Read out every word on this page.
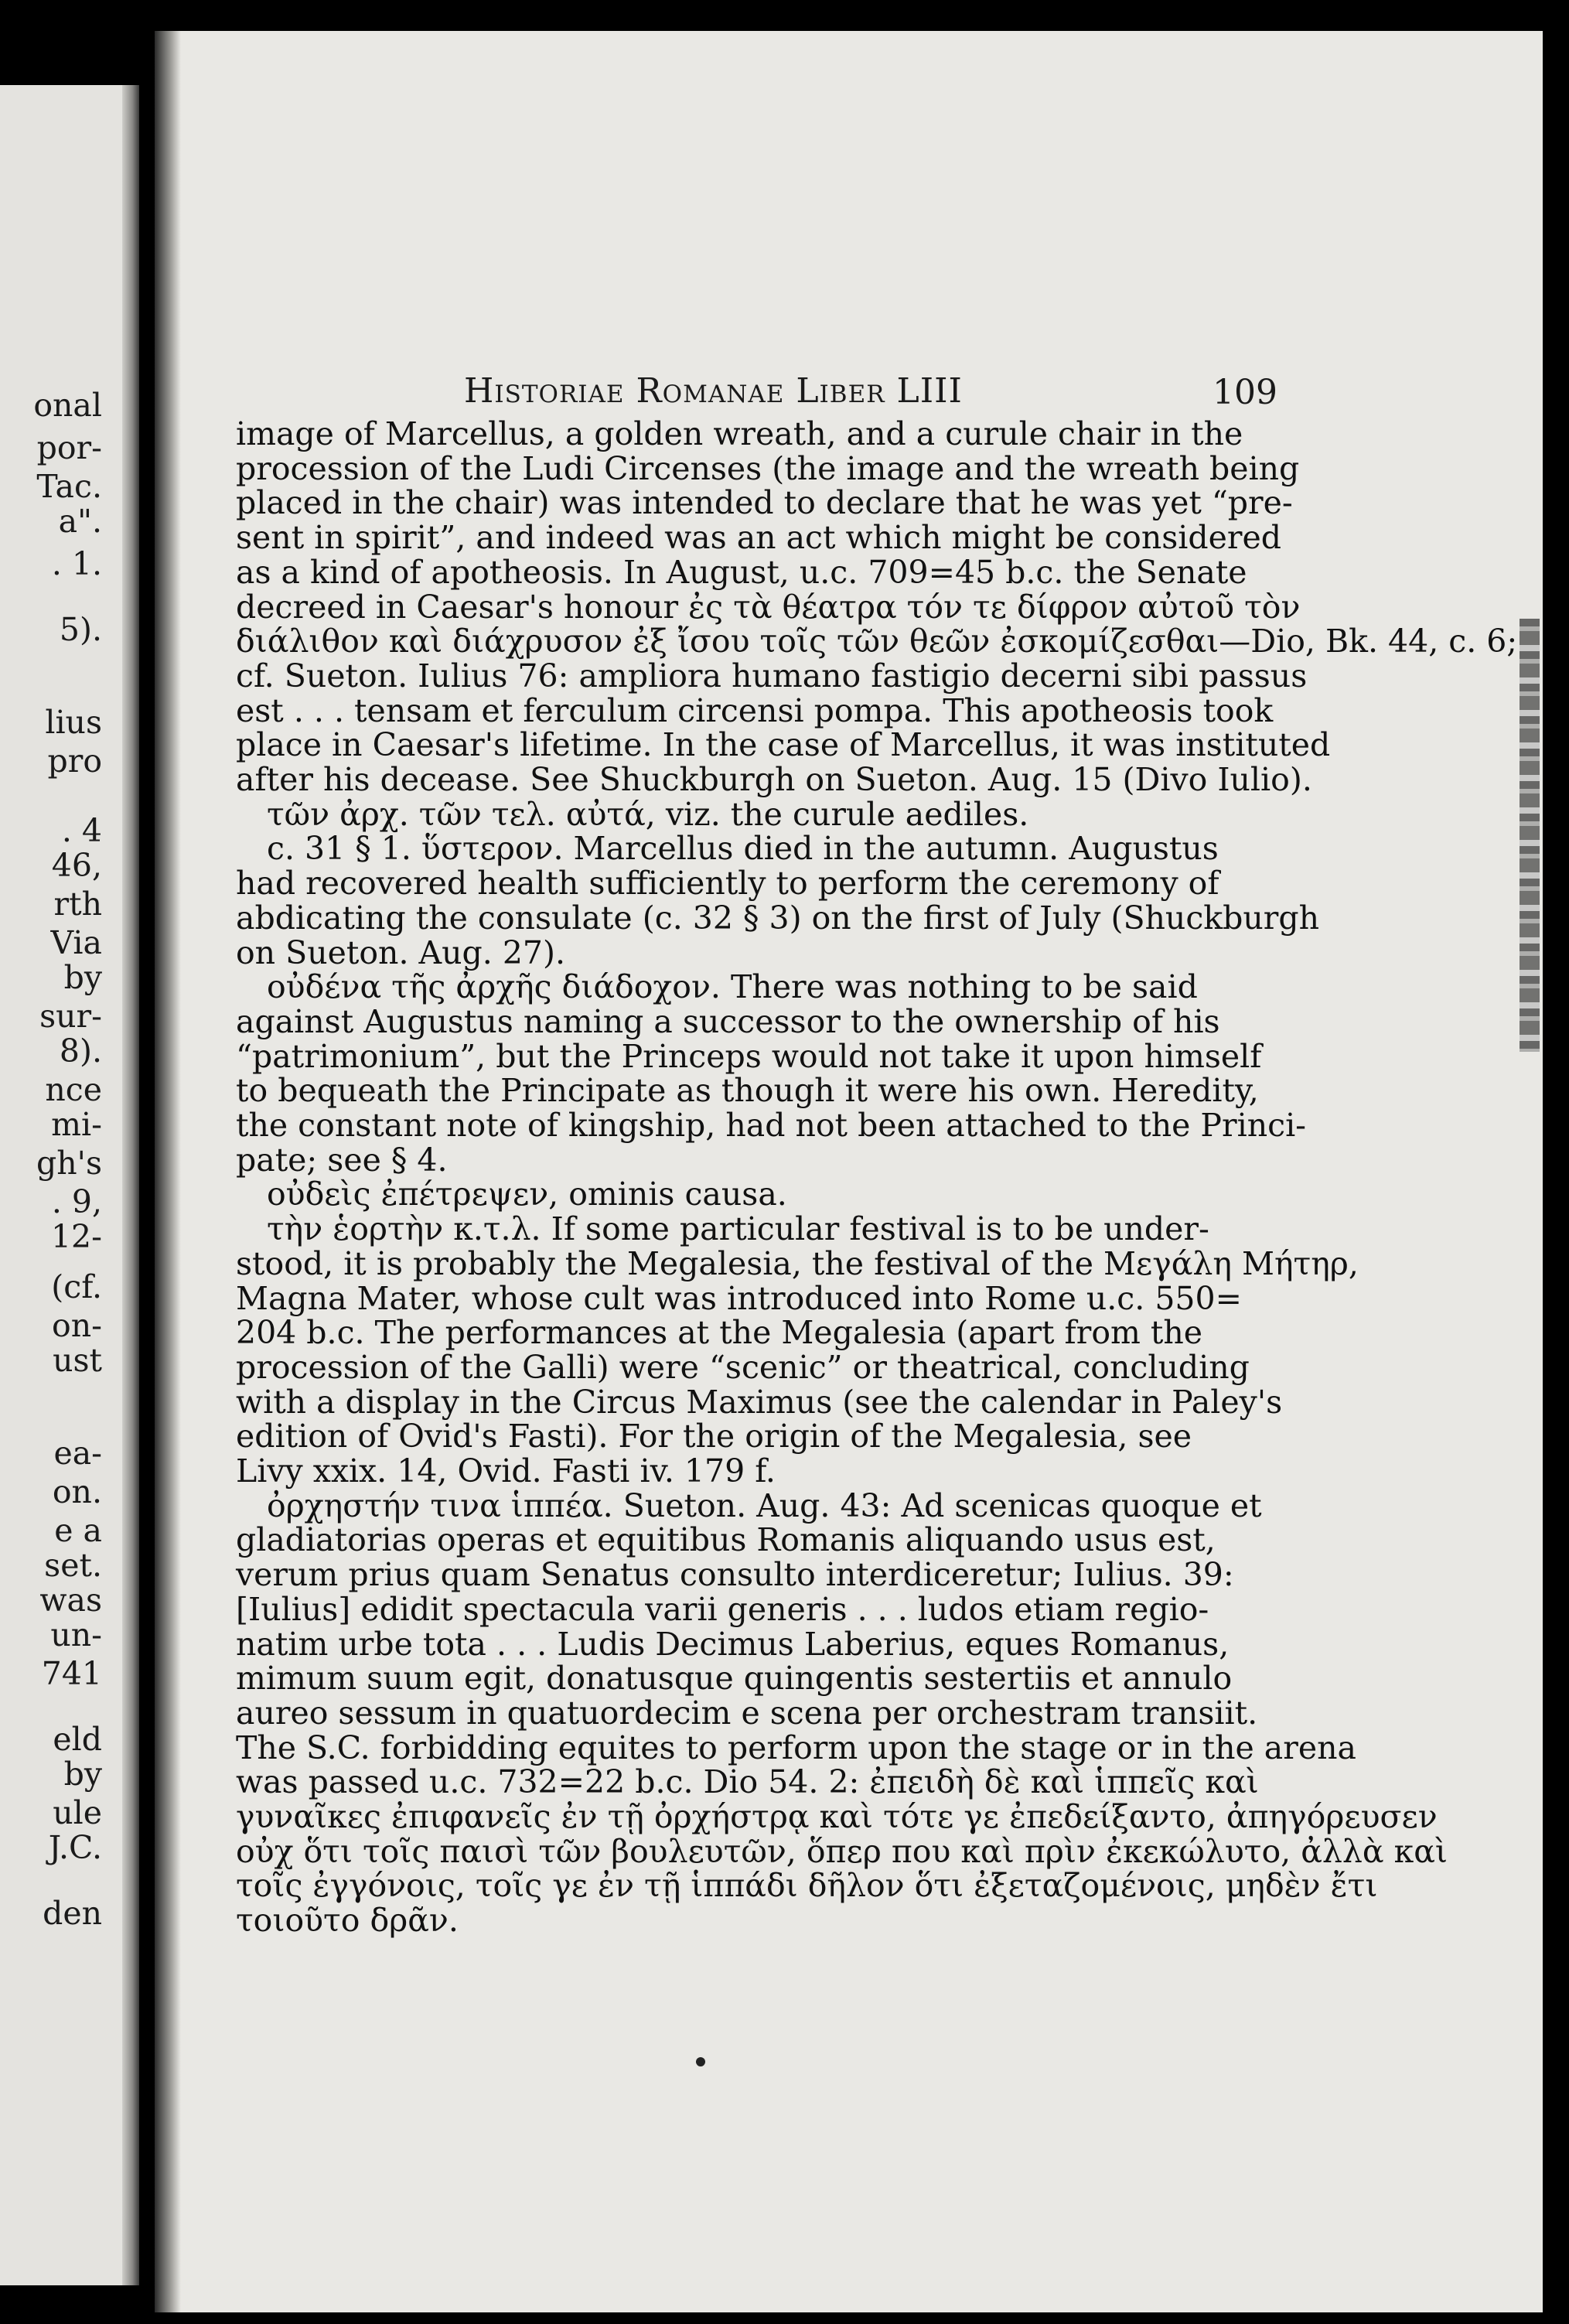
onal

por-

Tac.

a".

. 1.

5).

lius

pro

. 4

46,

rth

Via

by

sur-

8).

nce

mi-

gh's

. 9,

12-

(cf.

on-

ust

ea-

on.

e a

set.

was

un-

741

eld

by

ule

J.C.

den

Historiae Romanae Liber LIII	109

image of Marcellus, a golden wreath, and a curule chair in the

procession of the Ludi Circenses (the image and the wreath being

placed in the chair) was intended to declare that he was yet “pre-

sent in spirit”, and indeed was an act which might be considered

as a kind of apotheosis. In August, u.c. 709=45 b.c. the Senate

decreed in Caesar's honour ἐς τὰ θέατρα τόν τε δίφρον αὐτοῦ τὸν

διάλιθον καὶ διάχρυσον ἐξ ἴσου τοῖς τῶν θεῶν ἐσκομίζεσθαι—Dio, Bk. 44, c. 6;

cf. Sueton. Iulius 76: ampliora humano fastigio decerni sibi passus

est . . . tensam et ferculum circensi pompa. This apotheosis took

place in Caesar's lifetime. In the case of Marcellus, it was instituted

after his decease. See Shuckburgh on Sueton. Aug. 15 (Divo Iulio).

τῶν ἀρχ. τῶν τελ. αὐτά, viz. the curule aediles.

c. 31 § 1. ὕστερον. Marcellus died in the autumn. Augustus

had recovered health sufficiently to perform the ceremony of

abdicating the consulate (c. 32 § 3) on the first of July (Shuckburgh

on Sueton. Aug. 27).

οὐδένα τῆς ἀρχῆς διάδοχον. There was nothing to be said

against Augustus naming a successor to the ownership of his

“patrimonium”, but the Princeps would not take it upon himself

to bequeath the Principate as though it were his own. Heredity,

the constant note of kingship, had not been attached to the Princi-

pate; see § 4.

οὐδεὶς ἐπέτρεψεν, ominis causa.

τὴν ἑορτὴν κ.τ.λ. If some particular festival is to be under-

stood, it is probably the Megalesia, the festival of the Μεγάλη Μήτηρ,

Magna Mater, whose cult was introduced into Rome u.c. 550=

204 b.c. The performances at the Megalesia (apart from the

procession of the Galli) were “scenic” or theatrical, concluding

with a display in the Circus Maximus (see the calendar in Paley's

edition of Ovid's Fasti). For the origin of the Megalesia, see

Livy xxix. 14, Ovid. Fasti iv. 179 f.

ὀρχηστήν τινα ἱππέα. Sueton. Aug. 43: Ad scenicas quoque et

gladiatorias operas et equitibus Romanis aliquando usus est,

verum prius quam Senatus consulto interdiceretur; Iulius. 39:

[Iulius] edidit spectacula varii generis . . . ludos etiam regio-

natim urbe tota . . . Ludis Decimus Laberius, eques Romanus,

mimum suum egit, donatusque quingentis sestertiis et annulo

aureo sessum in quatuordecim e scena per orchestram transiit.

The S.C. forbidding equites to perform upon the stage or in the arena

was passed u.c. 732=22 b.c. Dio 54. 2: ἐπειδὴ δὲ καὶ ἱππεῖς καὶ

γυναῖκες ἐπιφανεῖς ἐν τῇ ὀρχήστρᾳ καὶ τότε γε ἐπεδείξαντο, ἀπηγόρευσεν

οὐχ ὅτι τοῖς παισὶ τῶν βουλευτῶν, ὅπερ που καὶ πρὶν ἐκεκώλυτο, ἀλλὰ καὶ

τοῖς ἐγγόνοις, τοῖς γε ἐν τῇ ἱππάδι δῆλον ὅτι ἐξεταζομένοις, μηδὲν ἔτι

τοιοῦτο δρᾶν.
